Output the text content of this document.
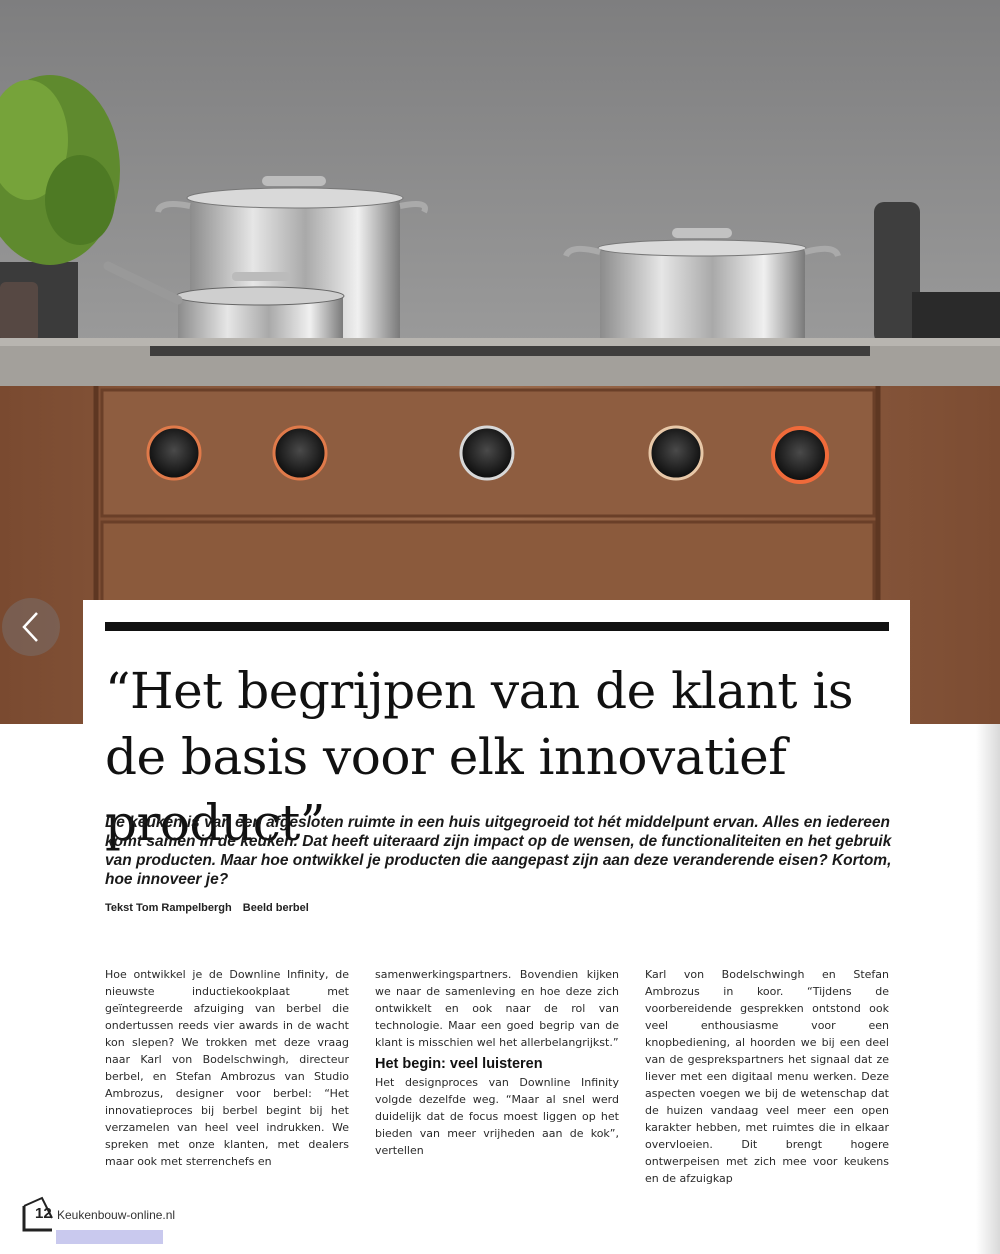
“Het begrijpen van de klant is de basis voor elk innovatief product”

De keuken is van een afgesloten ruimte in een huis uitgegroeid tot hét middelpunt ervan. Alles en iedereen komt samen in de keuken. Dat heeft uiteraard zijn impact op de wensen, de functionaliteiten en het gebruik van producten. Maar hoe ontwikkel je producten die aangepast zijn aan deze veranderende eisen? Kortom, hoe innoveer je?

Tekst Tom Rampelbergh Beeld berbel

Hoe ontwikkel je de Downline Infinity, de nieuwste inductiekookplaat met geïntegreerde afzuiging van berbel die ondertussen reeds vier awards in de wacht kon slepen? We trokken met deze vraag naar Karl von Bodelschwingh, directeur berbel, en Stefan Ambrozus van Studio Ambrozus, designer voor berbel: “Het innovatieproces bij berbel begint bij het verzamelen van heel veel indrukken. We spreken met onze klanten, met dealers maar ook met sterrenchefs en

samenwerkingspartners. Bovendien kijken we naar de samenleving en hoe deze zich ontwikkelt en ook naar de rol van technologie. Maar een goed begrip van de klant is misschien wel het allerbelangrijkst.”

Het begin: veel luisteren

Het designproces van Downline Infinity volgde dezelfde weg. “Maar al snel werd duidelijk dat de focus moest liggen op het bieden van meer vrijheden aan de kok”, vertellen

Karl von Bodelschwingh en Stefan Ambrozus in koor. “Tijdens de voorbereidende gesprekken ontstond ook veel enthousiasme voor een knopbediening, al hoorden we bij een deel van de gesprekspartners het signaal dat ze liever met een digitaal menu werken. Deze aspecten voegen we bij de wetenschap dat de huizen vandaag veel meer een open karakter hebben, met ruimtes die in elkaar overvloeien. Dit brengt hogere ontwerpeisen met zich mee voor keukens en de afzuigkap

12 Keukenbouw-online.nl
